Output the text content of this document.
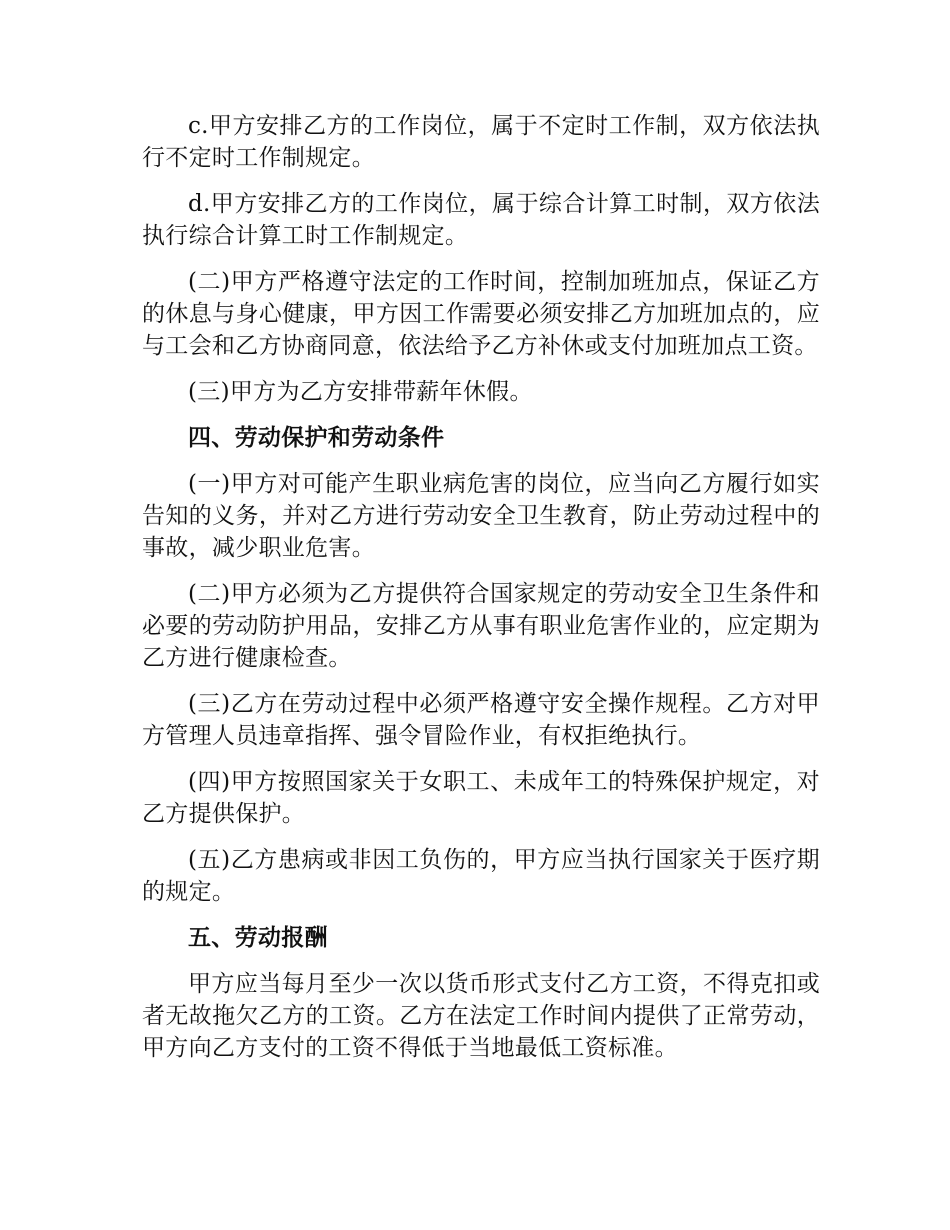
c.甲方安排乙方的工作岗位，属于不定时工作制，双方依法执行不定时工作制规定。

d.甲方安排乙方的工作岗位，属于综合计算工时制，双方依法执行综合计算工时工作制规定。

(二)甲方严格遵守法定的工作时间，控制加班加点，保证乙方的休息与身心健康，甲方因工作需要必须安排乙方加班加点的，应与工会和乙方协商同意，依法给予乙方补休或支付加班加点工资。

(三)甲方为乙方安排带薪年休假。

四、劳动保护和劳动条件

(一)甲方对可能产生职业病危害的岗位，应当向乙方履行如实告知的义务，并对乙方进行劳动安全卫生教育，防止劳动过程中的事故，减少职业危害。

(二)甲方必须为乙方提供符合国家规定的劳动安全卫生条件和必要的劳动防护用品，安排乙方从事有职业危害作业的，应定期为乙方进行健康检查。

(三)乙方在劳动过程中必须严格遵守安全操作规程。乙方对甲方管理人员违章指挥、强令冒险作业，有权拒绝执行。

(四)甲方按照国家关于女职工、未成年工的特殊保护规定，对乙方提供保护。

(五)乙方患病或非因工负伤的，甲方应当执行国家关于医疗期的规定。

五、劳动报酬

甲方应当每月至少一次以货币形式支付乙方工资，不得克扣或者无故拖欠乙方的工资。乙方在法定工作时间内提供了正常劳动，甲方向乙方支付的工资不得低于当地最低工资标准。
